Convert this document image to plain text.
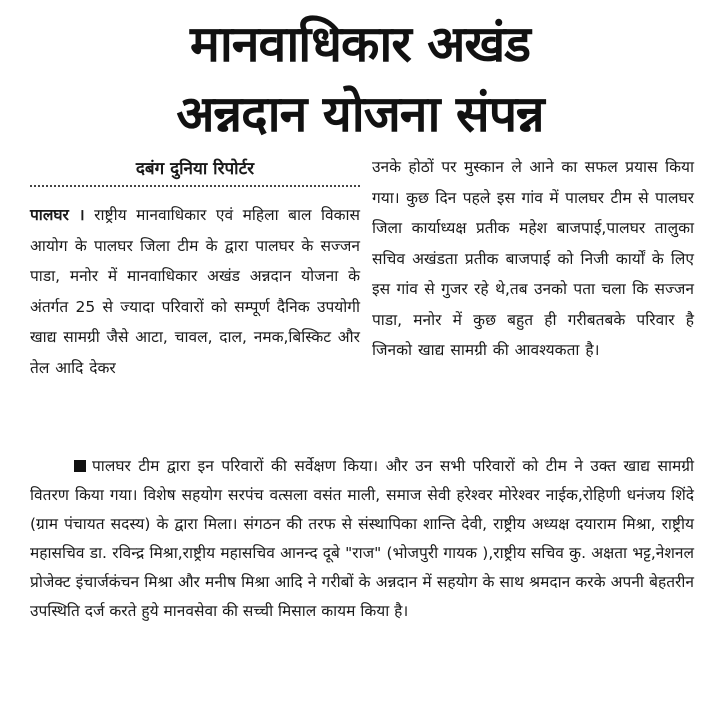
मानवाधिकार अखंड
अन्नदान योजना संपन्न
दबंग दुनिया रिपोर्टर
पालघर । राष्ट्रीय मानवाधिकार एवं महिला बाल विकास आयोग के पालघर जिला टीम के द्वारा पालघर के सज्जन पाडा, मनोर में मानवाधिकार अखंड अन्नदान योजना के अंतर्गत 25 से ज्यादा परिवारों को सम्पूर्ण दैनिक उपयोगी खाद्य सामग्री जैसे आटा, चावल, दाल, नमक,बिस्किट और तेल आदि देकर
उनके होठों पर मुस्कान ले आने का सफल प्रयास किया गया। कुछ दिन पहले इस गांव में पालघर टीम से पालघर जिला कार्याध्यक्ष प्रतीक महेश बाजपाई,पालघर तालुका सचिव अखंडता प्रतीक बाजपाई को निजी कार्यों के लिए इस गांव से गुजर रहे थे,तब उनको पता चला कि सज्जन पाडा, मनोर में कुछ बहुत ही गरीबतबके परिवार है जिनको खाद्य सामग्री की आवश्यकता है।
पालघर टीम द्वारा इन परिवारों की सर्वेक्षण किया। और उन सभी परिवारों को टीम ने उक्त खाद्य सामग्री वितरण किया गया। विशेष सहयोग सरपंच वत्सला वसंत माली, समाज सेवी हरेश्वर मोरेश्वर नाईक,रोहिणी धनंजय शिंदे (ग्राम पंचायत सदस्य) के द्वारा मिला। संगठन की तरफ से संस्थापिका शान्ति देवी, राष्ट्रीय अध्यक्ष दयाराम मिश्रा, राष्ट्रीय महासचिव डा. रविन्द्र मिश्रा,राष्ट्रीय महासचिव आनन्द दूबे "राज" (भोजपुरी गायक ),राष्ट्रीय सचिव कु. अक्षता भट्ट,नेशनल प्रोजेक्ट इंचार्जकंचन मिश्रा और मनीष मिश्रा आदि ने गरीबों के अन्नदान में सहयोग के साथ श्रमदान करके अपनी बेहतरीन उपस्थिति दर्ज करते हुये मानवसेवा की सच्ची मिसाल कायम किया है।
